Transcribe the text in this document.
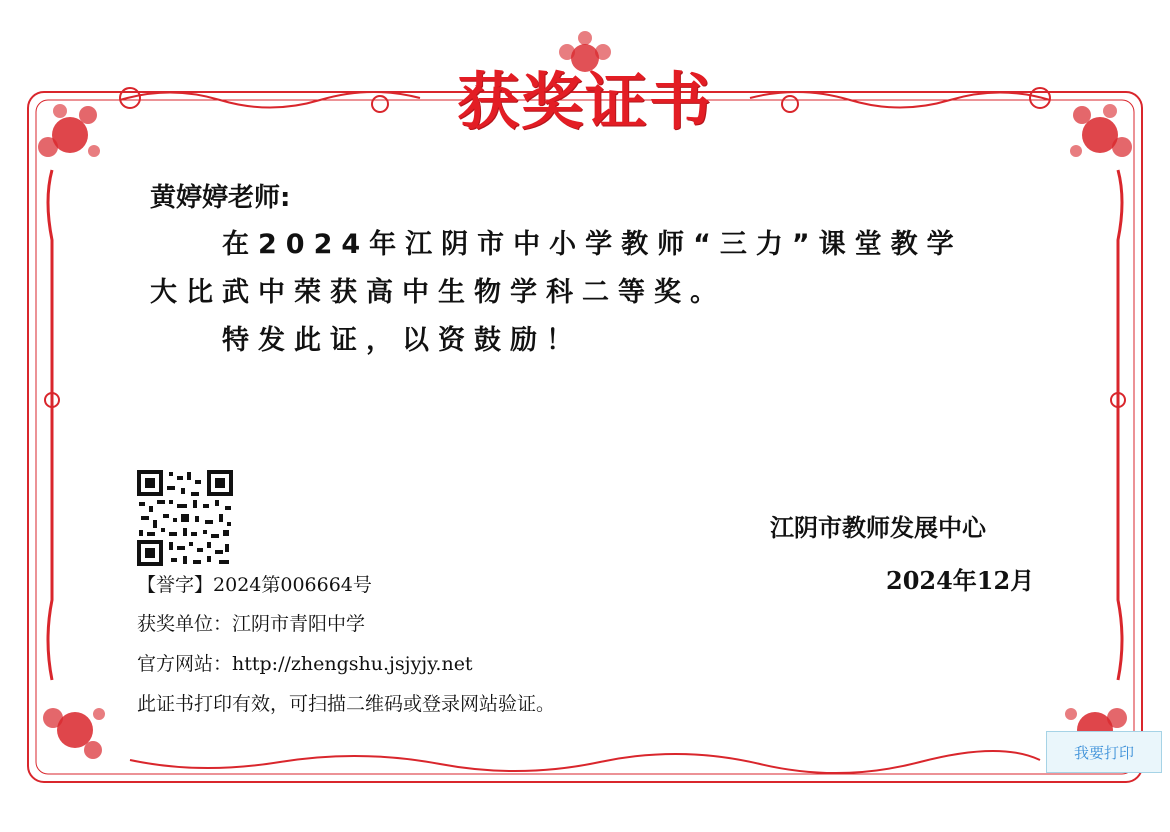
获奖证书
黄婷婷老师:
在2024年江阴市中小学教师“三力”课堂教学
大比武中荣获高中生物学科二等奖。
特发此证，以资鼓励！
江阴市教师发展中心
2024年12月
【誉字】2024第006664号
获奖单位：江阴市青阳中学
官方网站：http://zhengshu.jsjyjy.net
此证书打印有效，可扫描二维码或登录网站验证。
我要打印
